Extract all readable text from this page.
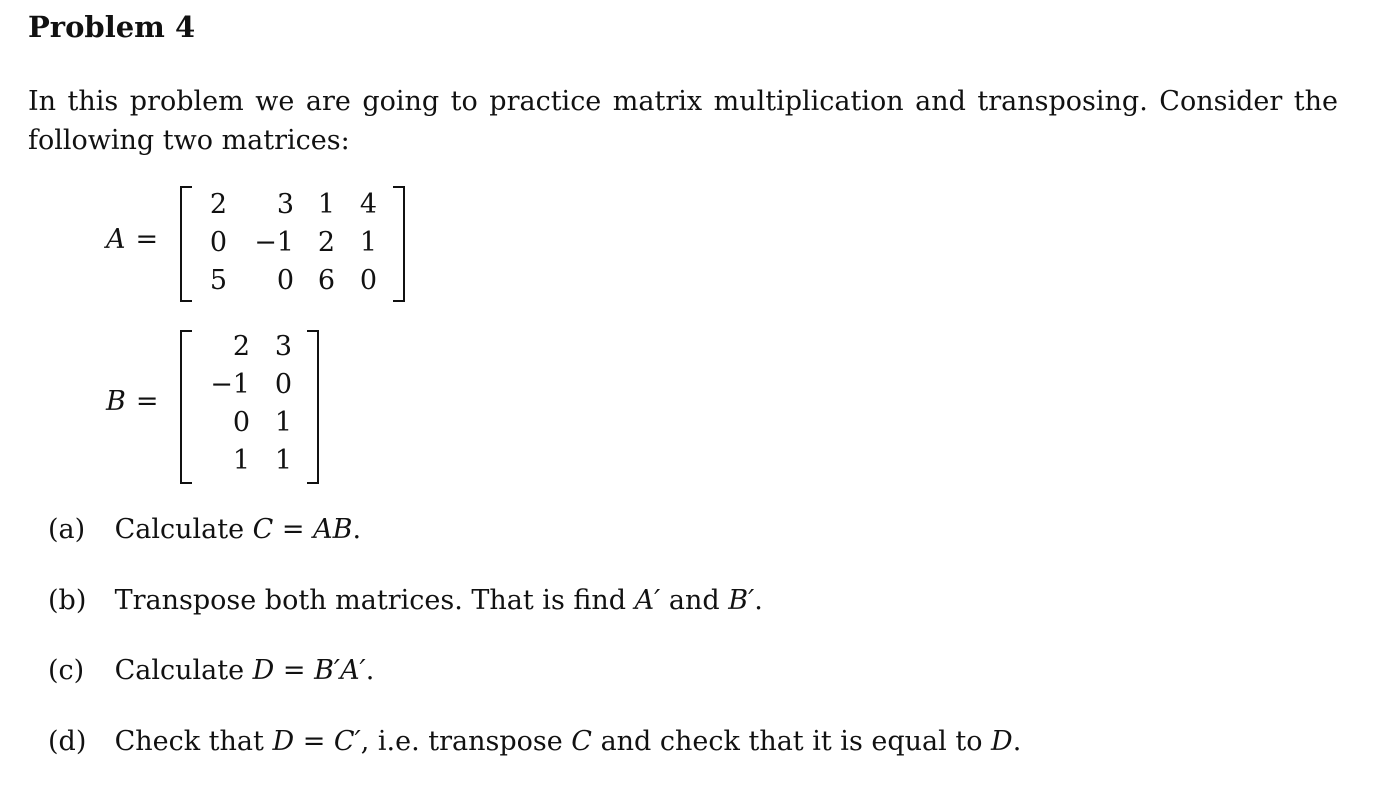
Problem 4
In this problem we are going to practice matrix multiplication and transposing. Consider the
following two matrices:
A =
2	3 1 4
0	−1 2 1
5	0 6 0
B =
2 3
−1 0
0 1
1 1
(a) Calculate C = AB.
(b) Transpose both matrices. That is find A′ and B′.
(c) Calculate D = B′A′.
(d) Check that D = C′, i.e. transpose C and check that it is equal to D.
